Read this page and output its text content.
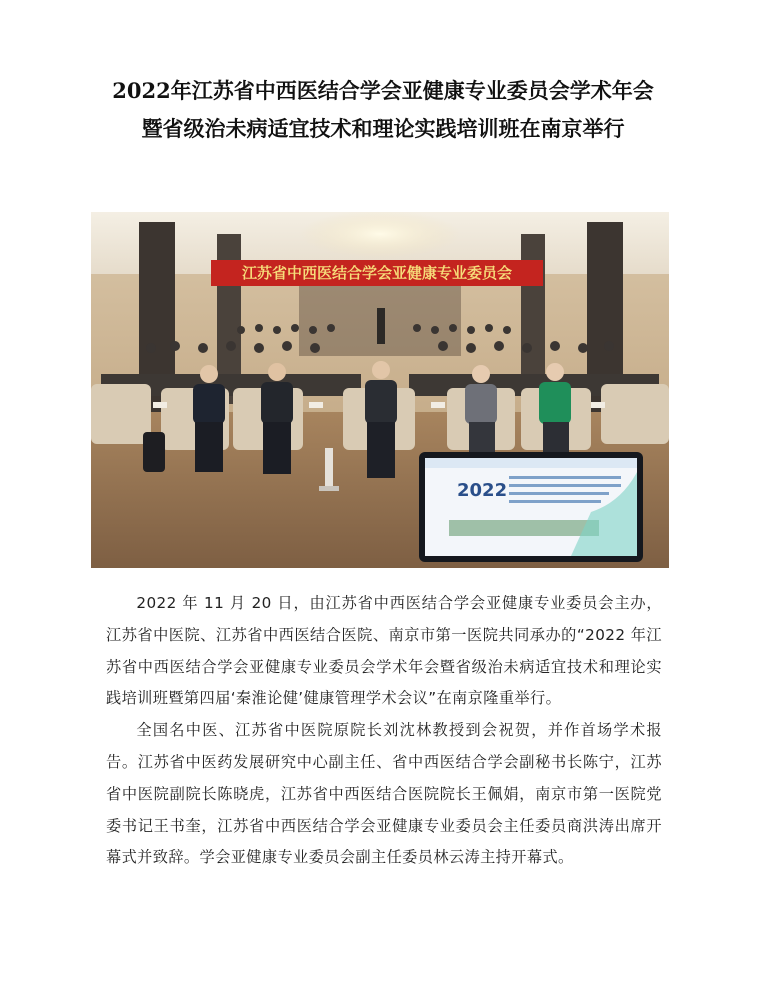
2022年江苏省中西医结合学会亚健康专业委员会学术年会
暨省级治未病适宜技术和理论实践培训班在南京举行
江苏省中西医结合学会亚健康专业委员会
2022

2022 年 11 月 20 日，由江苏省中西医结合学会亚健康专业委员会主办，江苏省中医院、江苏省中西医结合医院、南京市第一医院共同承办的“2022 年江苏省中西医结合学会亚健康专业委员会学术年会暨省级治未病适宜技术和理论实践培训班暨第四届‘秦淮论健’健康管理学术会议”在南京隆重举行。

全国名中医、江苏省中医院原院长刘沈林教授到会祝贺，并作首场学术报告。江苏省中医药发展研究中心副主任、省中西医结合学会副秘书长陈宁，江苏省中医院副院长陈晓虎，江苏省中西医结合医院院长王佩娟，南京市第一医院党委书记王书奎，江苏省中西医结合学会亚健康专业委员会主任委员商洪涛出席开幕式并致辞。学会亚健康专业委员会副主任委员林云涛主持开幕式。
